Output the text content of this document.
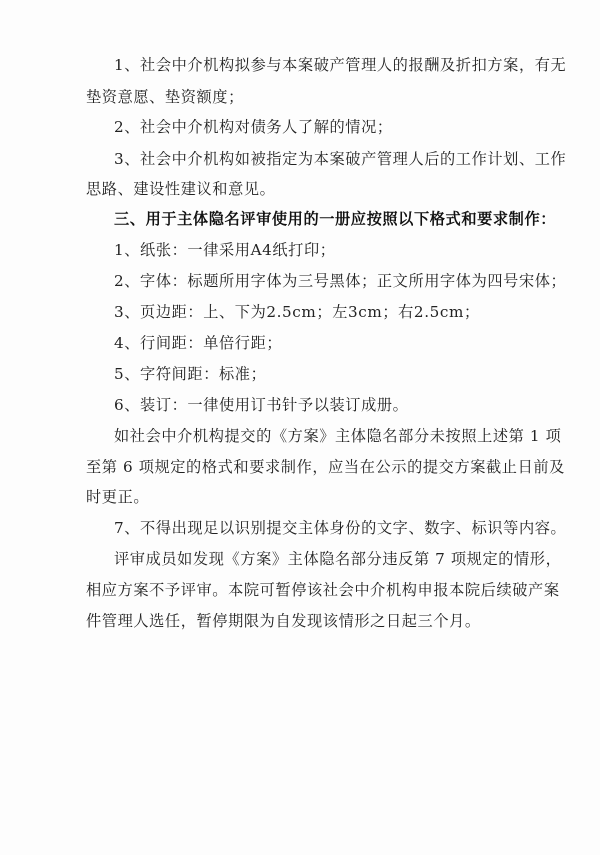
1、社会中介机构拟参与本案破产管理人的报酬及折扣方案，有无

垫资意愿、垫资额度；

2、社会中介机构对债务人了解的情况；

3、社会中介机构如被指定为本案破产管理人后的工作计划、工作

思路、建设性建议和意见。

三、用于主体隐名评审使用的一册应按照以下格式和要求制作：

1、纸张：一律采用A4纸打印；

2、字体：标题所用字体为三号黑体；正文所用字体为四号宋体；

3、页边距：上、下为2.5cm；左3cm；右2.5cm；

4、行间距：单倍行距；

5、字符间距：标准；

6、装订：一律使用订书针予以装订成册。

如社会中介机构提交的《方案》主体隐名部分未按照上述第 1 项

至第 6 项规定的格式和要求制作，应当在公示的提交方案截止日前及

时更正。

7、不得出现足以识别提交主体身份的文字、数字、标识等内容。

评审成员如发现《方案》主体隐名部分违反第 7 项规定的情形，

相应方案不予评审。本院可暂停该社会中介机构申报本院后续破产案

件管理人选任，暂停期限为自发现该情形之日起三个月。
